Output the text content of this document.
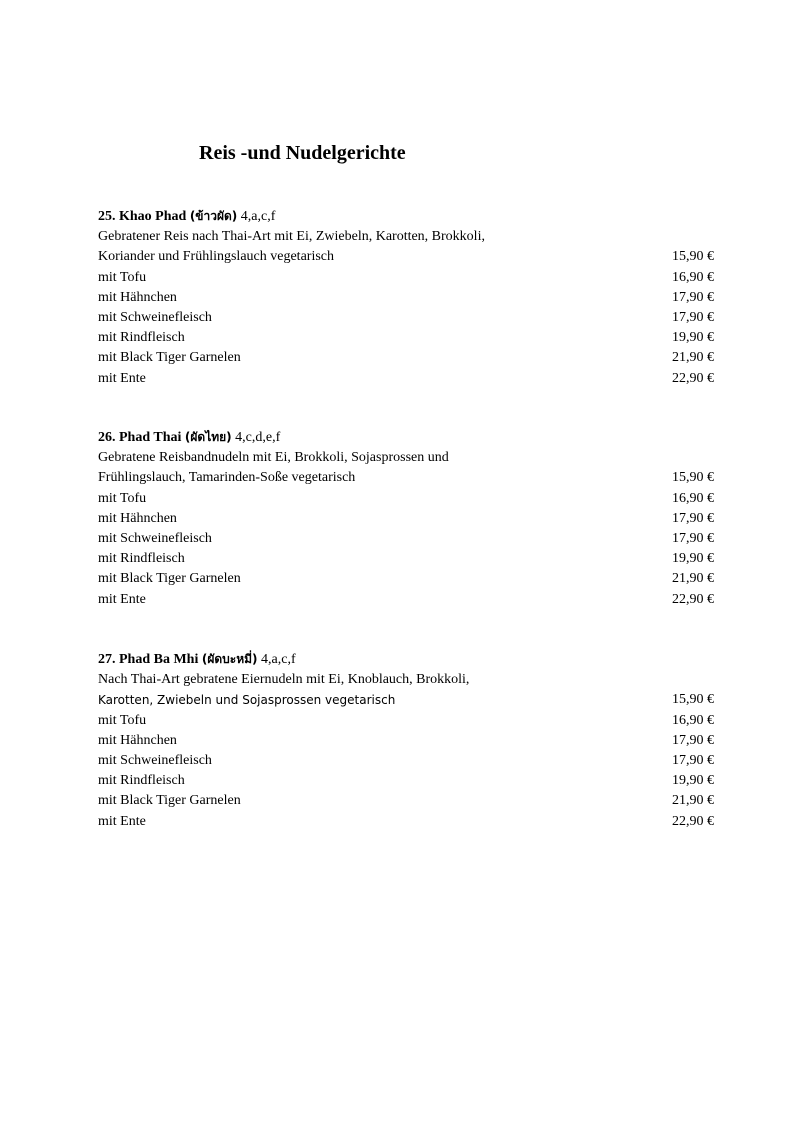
Reis -und Nudelgerichte
25. Khao Phad (ข้าวผัด) 4,a,c,f
Gebratener Reis nach Thai-Art mit Ei, Zwiebeln, Karotten, Brokkoli,
Koriander und Frühlingslauch vegetarisch	15,90 €
mit Tofu	16,90 €
mit Hähnchen	17,90 €
mit Schweinefleisch	17,90 €
mit Rindfleisch	19,90 €
mit Black Tiger Garnelen	21,90 €
mit Ente	22,90 €
26. Phad Thai (ผัดไทย) 4,c,d,e,f
Gebratene Reisbandnudeln mit Ei, Brokkoli, Sojasprossen und
Frühlingslauch, Tamarinden-Soße vegetarisch	15,90 €
mit Tofu	16,90 €
mit Hähnchen	17,90 €
mit Schweinefleisch	17,90 €
mit Rindfleisch	19,90 €
mit Black Tiger Garnelen	21,90 €
mit Ente	22,90 €
27. Phad Ba Mhi (ผัดบะหมี่) 4,a,c,f
Nach Thai-Art gebratene Eiernudeln mit Ei, Knoblauch, Brokkoli,
Karotten, Zwiebeln und Sojasprossen vegetarisch	15,90 €
mit Tofu	16,90 €
mit Hähnchen	17,90 €
mit Schweinefleisch	17,90 €
mit Rindfleisch	19,90 €
mit Black Tiger Garnelen	21,90 €
mit Ente	22,90 €
